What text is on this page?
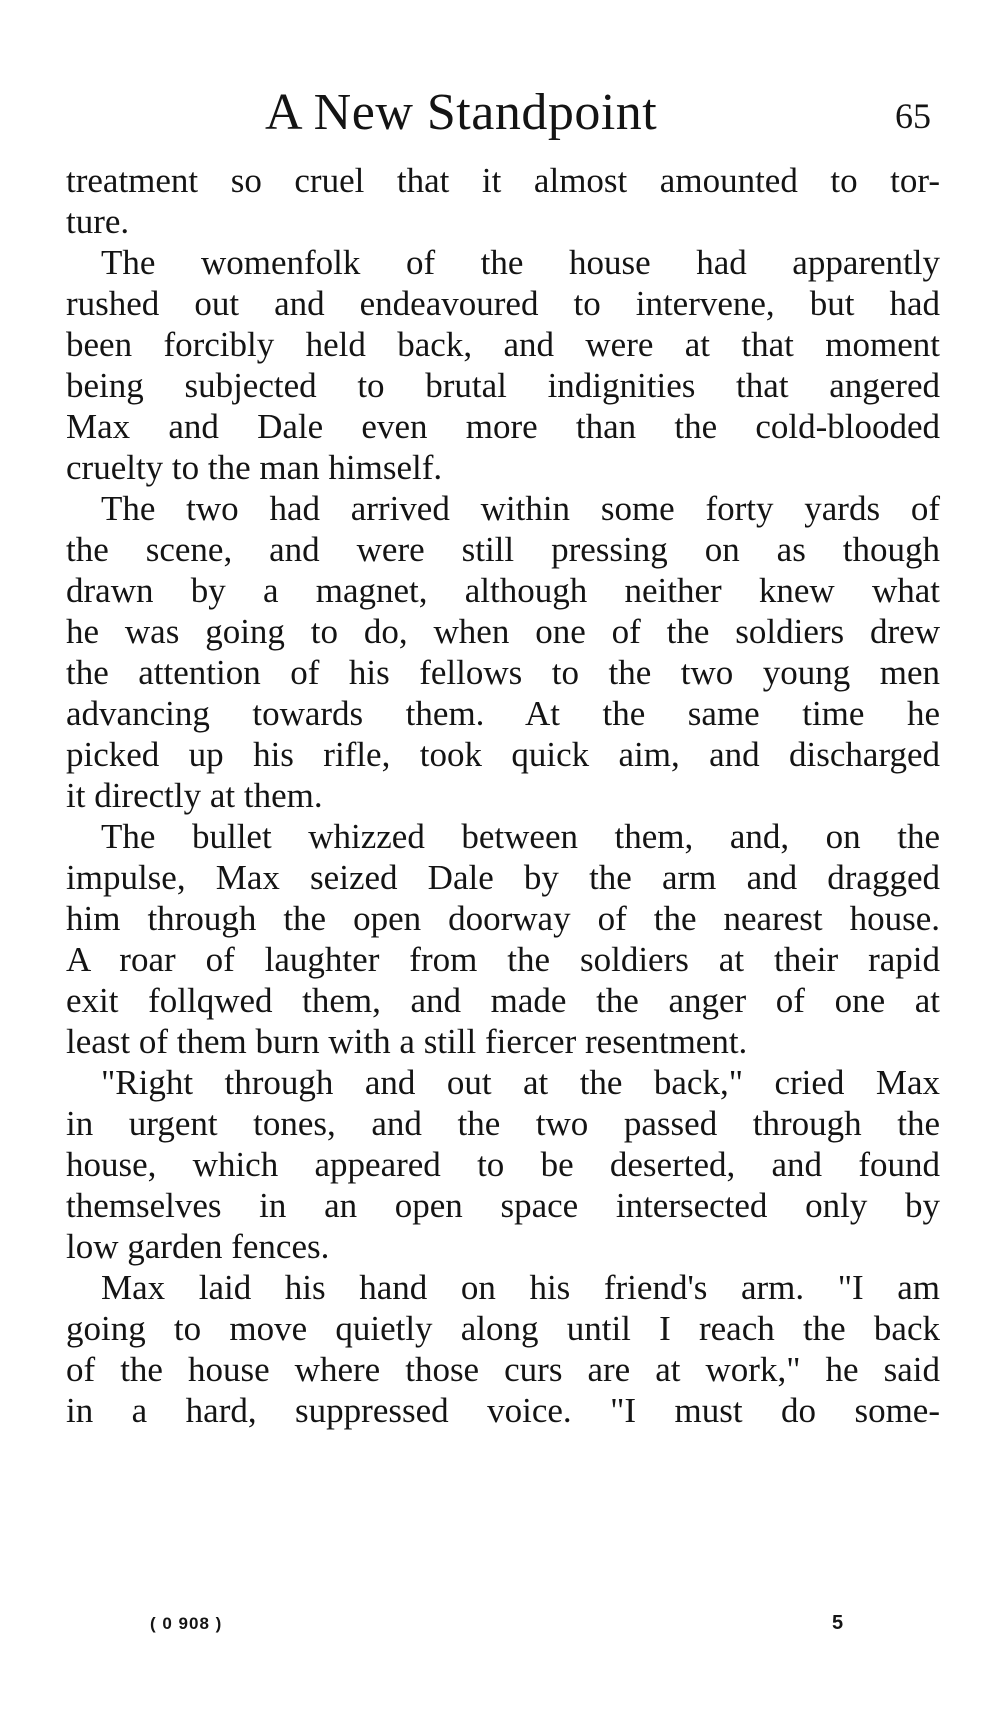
A New Standpoint	65
treatment so cruel that it almost amounted to tor-
ture.
The womenfolk of the house had apparently
rushed out and endeavoured to intervene, but had
been forcibly held back, and were at that moment
being subjected to brutal indignities that angered
Max and Dale even more than the cold-blooded
cruelty to the man himself.
The two had arrived within some forty yards of
the scene, and were still pressing on as though
drawn by a magnet, although neither knew what
he was going to do, when one of the soldiers drew
the attention of his fellows to the two young men
advancing towards them. At the same time he
picked up his rifle, took quick aim, and discharged
it directly at them.
The bullet whizzed between them, and, on the
impulse, Max seized Dale by the arm and dragged
him through the open doorway of the nearest house.
A roar of laughter from the soldiers at their rapid
exit follqwed them, and made the anger of one at
least of them burn with a still fiercer resentment.
"Right through and out at the back," cried Max
in urgent tones, and the two passed through the
house, which appeared to be deserted, and found
themselves in an open space intersected only by
low garden fences.
Max laid his hand on his friend's arm. "I am
going to move quietly along until I reach the back
of the house where those curs are at work," he said
in a hard, suppressed voice. "I must do some-
( 0 908 )	5
